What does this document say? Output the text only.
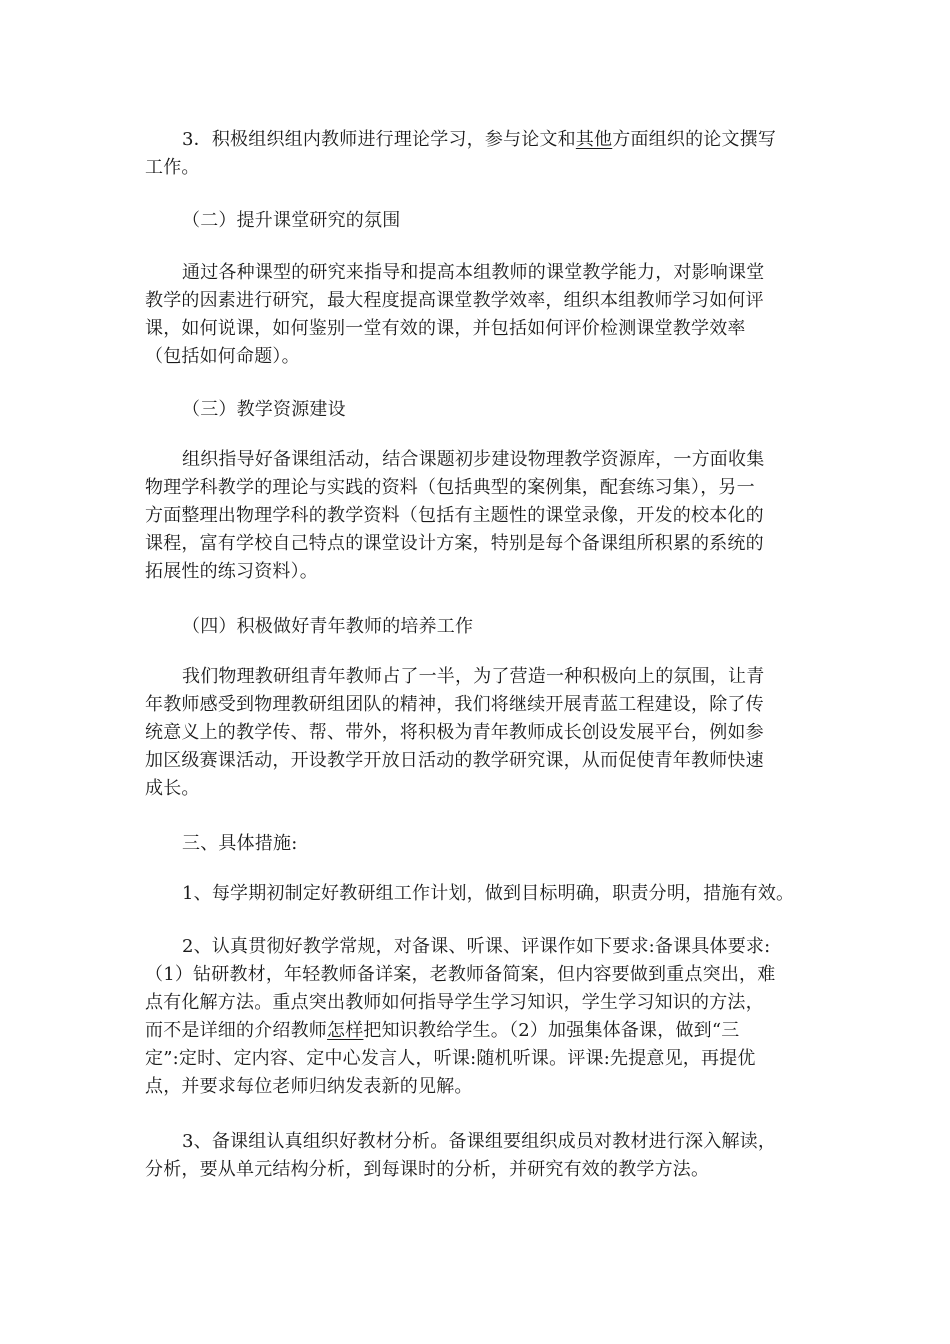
3．积极组织组内教师进行理论学习，参与论文和其他方面组织的论文撰写
工作。
（二）提升课堂研究的氛围
通过各种课型的研究来指导和提高本组教师的课堂教学能力，对影响课堂
教学的因素进行研究，最大程度提高课堂教学效率，组织本组教师学习如何评
课，如何说课，如何鉴别一堂有效的课，并包括如何评价检测课堂教学效率
（包括如何命题）。
（三）教学资源建设
组织指导好备课组活动，结合课题初步建设物理教学资源库，一方面收集
物理学科教学的理论与实践的资料（包括典型的案例集，配套练习集），另一
方面整理出物理学科的教学资料（包括有主题性的课堂录像，开发的校本化的
课程，富有学校自己特点的课堂设计方案，特别是每个备课组所积累的系统的
拓展性的练习资料）。
（四）积极做好青年教师的培养工作
我们物理教研组青年教师占了一半，为了营造一种积极向上的氛围，让青
年教师感受到物理教研组团队的精神，我们将继续开展青蓝工程建设，除了传
统意义上的教学传、帮、带外，将积极为青年教师成长创设发展平台，例如参
加区级赛课活动，开设教学开放日活动的教学研究课，从而促使青年教师快速
成长。
三、具体措施:
1、每学期初制定好教研组工作计划，做到目标明确，职责分明，措施有效。
2、认真贯彻好教学常规，对备课、听课、评课作如下要求:备课具体要求:
（1）钻研教材，年轻教师备详案，老教师备简案，但内容要做到重点突出，难
点有化解方法。重点突出教师如何指导学生学习知识，学生学习知识的方法，
而不是详细的介绍教师怎样把知识教给学生。（2）加强集体备课，做到“三
定”:定时、定内容、定中心发言人，听课:随机听课。评课:先提意见，再提优
点，并要求每位老师归纳发表新的见解。
3、备课组认真组织好教材分析。备课组要组织成员对教材进行深入解读，
分析，要从单元结构分析，到每课时的分析，并研究有效的教学方法。
